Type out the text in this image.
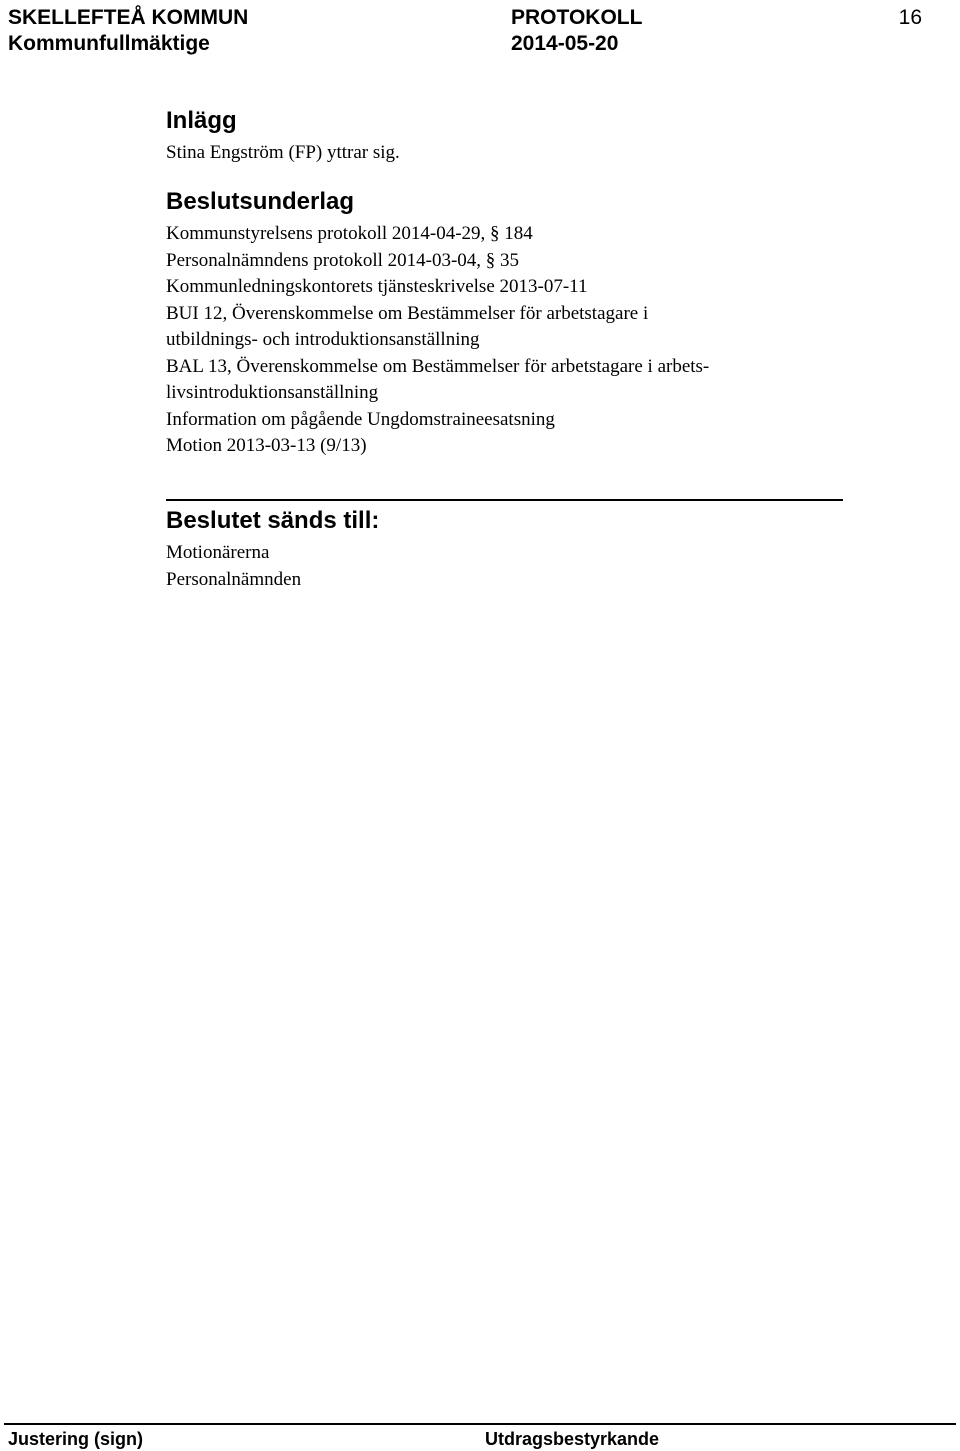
SKELLEFTEÅ KOMMUN
Kommunfullmäktige
PROTOKOLL
2014-05-20
16
Inlägg
Stina Engström (FP) yttrar sig.
Beslutsunderlag
Kommunstyrelsens protokoll 2014-04-29, § 184
Personalnämndens protokoll 2014-03-04, § 35
Kommunledningskontorets tjänsteskrivelse 2013-07-11
BUI 12, Överenskommelse om Bestämmelser för arbetstagare i
utbildnings- och introduktionsanställning
BAL 13, Överenskommelse om Bestämmelser för arbetstagare i arbets-
livsintroduktionsanställning
Information om pågående Ungdomstraineesatsning
Motion 2013-03-13 (9/13)
Beslutet sänds till:
Motionärerna
Personalnämnden
Justering (sign)	Utdragsbestyrkande
